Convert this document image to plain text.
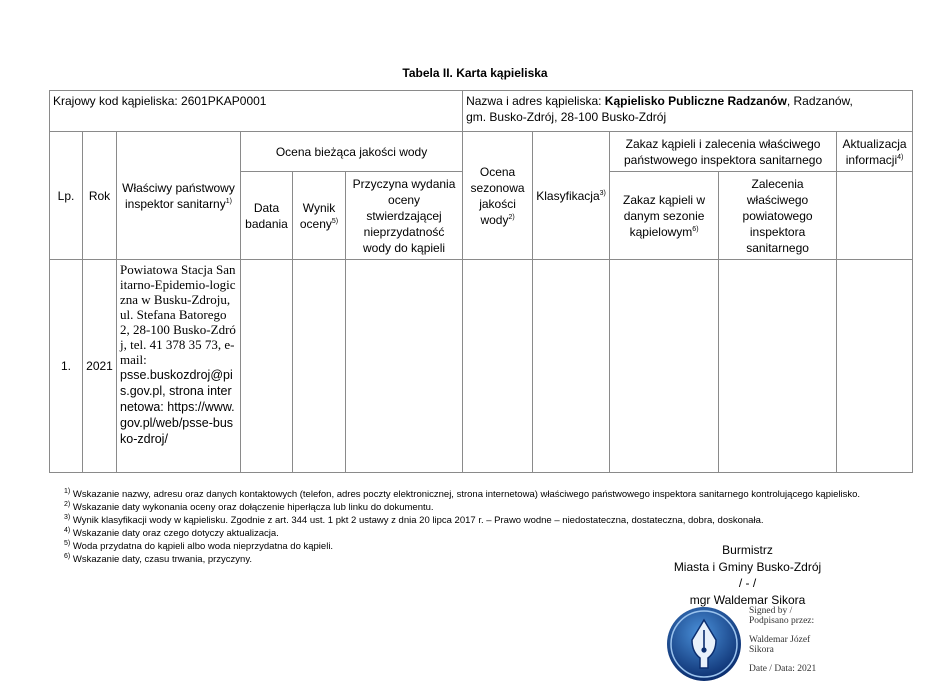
Tabela II. Karta kąpieliska
Krajowy kod kąpieliska: 2601PKAP0001						Nazwa i adres kąpieliska: Kąpielisko Publiczne Radzanów, Radzanów,
gm. Busko-Zdrój, 28-100 Busko-Zdrój				
Lp.	Rok	Właściwy państwowy inspektor sanitarny$^{1)}$	Ocena bieżąca jakości wody			Ocena sezonowa jakości wody$^{2)}$	Klasyfikacja$^{3)}$	Zakaz kąpieli i zalecenia właściwego państwowego inspektora sanitarnego		Aktualizacja informacji$^{4)}$
			Data badania	Wynik oceny$^{5)}$	Przyczyna wydania oceny stwierdzającej nieprzydatność wody do kąpieli			Zakaz kąpieli w danym sezonie kąpielowym$^{6)}$	Zalecenia właściwego powiatowego inspektora sanitarnego	
1.	2021	Powiatowa Stacja Sanitarno-Epidemio-logiczna w Busku-Zdroju, ul. Stefana Batorego 2, 28-100 Busko-Zdrój, tel. 41 378 35 73, e-mail:
psse.buskozdroj@pis.gov.pl, strona internetowa: https://www.gov.pl/web/psse-busko-zdroj/								

$^{1)}$ Wskazanie nazwy, adresu oraz danych kontaktowych (telefon, adres poczty elektronicznej, strona internetowa) właściwego państwowego inspektora sanitarnego kontrolującego kąpielisko.
$^{2)}$ Wskazanie daty wykonania oceny oraz dołączenie hiperłącza lub linku do dokumentu.
$^{3)}$ Wynik klasyfikacji wody w kąpielisku. Zgodnie z art. 344 ust. 1 pkt 2 ustawy z dnia 20 lipca 2017 r. – Prawo wodne – niedostateczna, dostateczna, dobra, doskonała.
$^{4)}$ Wskazanie daty oraz czego dotyczy aktualizacja.
$^{5)}$ Woda przydatna do kąpieli albo woda nieprzydatna do kąpieli.
$^{6)}$ Wskazanie daty, czasu trwania, przyczyny.
Burmistrz
Miasta i Gminy Busko-Zdrój
/ - /
mgr Waldemar Sikora
Signed by /
Podpisano przez:
Waldemar Józef
Sikora
Date / Data: 2021
